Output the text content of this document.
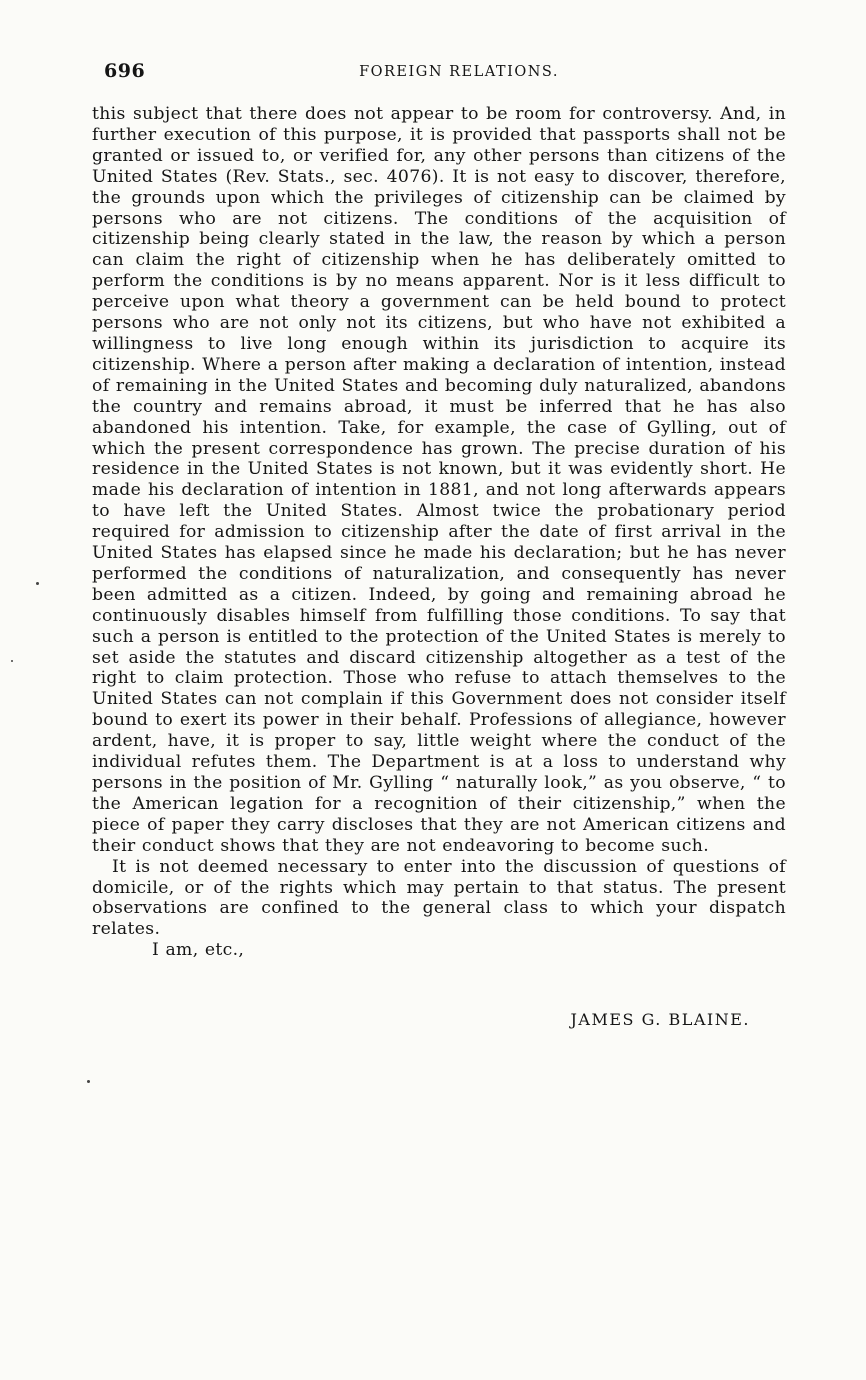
696	FOREIGN RELATIONS.

this subject that there does not appear to be room for controversy. And, in further execution of this purpose, it is provided that passports shall not be granted or issued to, or verified for, any other persons than citizens of the United States (Rev. Stats., sec. 4076). It is not easy to discover, therefore, the grounds upon which the privileges of citizenship can be claimed by persons who are not citizens. The conditions of the acquisition of citizenship being clearly stated in the law, the reason by which a person can claim the right of citizenship when he has deliberately omitted to perform the conditions is by no means apparent. Nor is it less difficult to perceive upon what theory a government can be held bound to protect persons who are not only not its citizens, but who have not exhibited a willingness to live long enough within its jurisdiction to acquire its citizenship. Where a person after making a declaration of intention, instead of remaining in the United States and becoming duly naturalized, abandons the country and remains abroad, it must be inferred that he has also abandoned his intention. Take, for example, the case of Gylling, out of which the present correspondence has grown. The precise duration of his residence in the United States is not known, but it was evidently short. He made his declaration of intention in 1881, and not long afterwards appears to have left the United States. Almost twice the probationary period required for admission to citizenship after the date of first arrival in the United States has elapsed since he made his declaration; but he has never performed the conditions of naturalization, and consequently has never been admitted as a citizen. Indeed, by going and remaining abroad he continuously disables himself from fulfilling those conditions. To say that such a person is entitled to the protection of the United States is merely to set aside the statutes and discard citizenship altogether as a test of the right to claim protection. Those who refuse to attach themselves to the United States can not complain if this Government does not consider itself bound to exert its power in their behalf. Professions of allegiance, however ardent, have, it is proper to say, little weight where the conduct of the individual refutes them. The Department is at a loss to understand why persons in the position of Mr. Gylling “ naturally look,” as you observe, “ to the American legation for a recognition of their citizenship,” when the piece of paper they carry discloses that they are not American citizens and their conduct shows that they are not endeavoring to become such.

It is not deemed necessary to enter into the discussion of questions of domicile, or of the rights which may pertain to that status. The present observations are confined to the general class to which your dispatch relates.

I am, etc.,

JAMES G. BLAINE.
